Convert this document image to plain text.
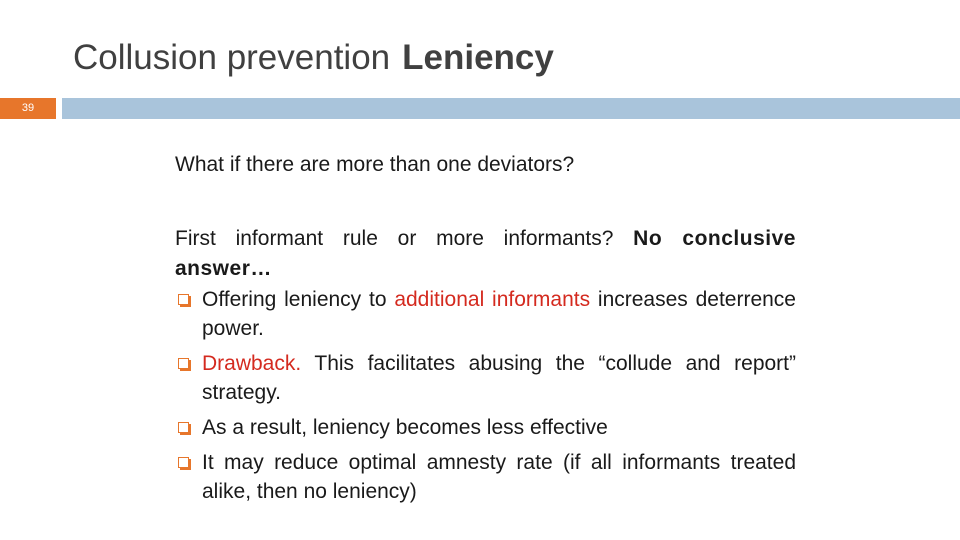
Collusion prevention Leniency
39

What if there are more than one deviators?

First informant rule or more informants? No conclusive answer…

Offering leniency to additional informants increases deterrence power.
Drawback. This facilitates abusing the “collude and report” strategy.
As a result, leniency becomes less effective
It may reduce optimal amnesty rate (if all informants treated alike, then no leniency)
